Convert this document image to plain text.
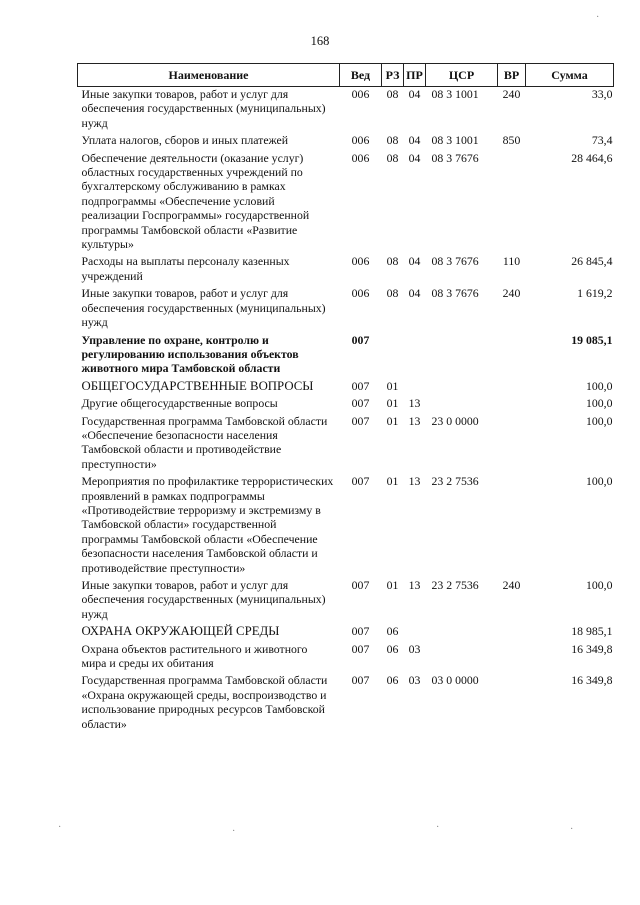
168
Наименование	Вед	РЗ	ПР	ЦСР	ВР	Сумма
Иные закупки товаров, работ и услуг для обеспечения государственных (муниципальных) нужд	006	08	04	08 3 1001	240	33,0
Уплата налогов, сборов и иных платежей	006	08	04	08 3 1001	850	73,4
Обеспечение деятельности (оказание услуг) областных государственных учреждений по бухгалтерскому обслуживанию в рамках подпрограммы «Обеспечение условий реализации Госпрограммы» государственной программы Тамбовской области «Развитие культуры»	006	08	04	08 3 7676		28 464,6
Расходы на выплаты персоналу казенных учреждений	006	08	04	08 3 7676	110	26 845,4
Иные закупки товаров, работ и услуг для обеспечения государственных (муниципальных) нужд	006	08	04	08 3 7676	240	1 619,2
Управление по охране, контролю и регулированию использования объектов животного мира Тамбовской области	007					19 085,1
ОБЩЕГОСУДАРСТВЕННЫЕ ВОПРОСЫ	007	01				100,0
Другие общегосударственные вопросы	007	01	13			100,0
Государственная программа Тамбовской области «Обеспечение безопасности населения Тамбовской области и противодействие преступности»	007	01	13	23 0 0000		100,0
Мероприятия по профилактике террористических проявлений в рамках подпрограммы «Противодействие терроризму и экстремизму в Тамбовской области» государственной программы Тамбовской области «Обеспечение безопасности населения Тамбовской области и противодействие преступности»	007	01	13	23 2 7536		100,0
Иные закупки товаров, работ и услуг для обеспечения государственных (муниципальных) нужд	007	01	13	23 2 7536	240	100,0
ОХРАНА ОКРУЖАЮЩЕЙ СРЕДЫ	007	06				18 985,1
Охрана объектов растительного и животного мира и среды их обитания	007	06	03			16 349,8
Государственная программа Тамбовской области «Охрана окружающей среды, воспроизводство и использование природных ресурсов Тамбовской области»	007	06	03	03 0 0000		16 349,8
·
·	·	·	·
